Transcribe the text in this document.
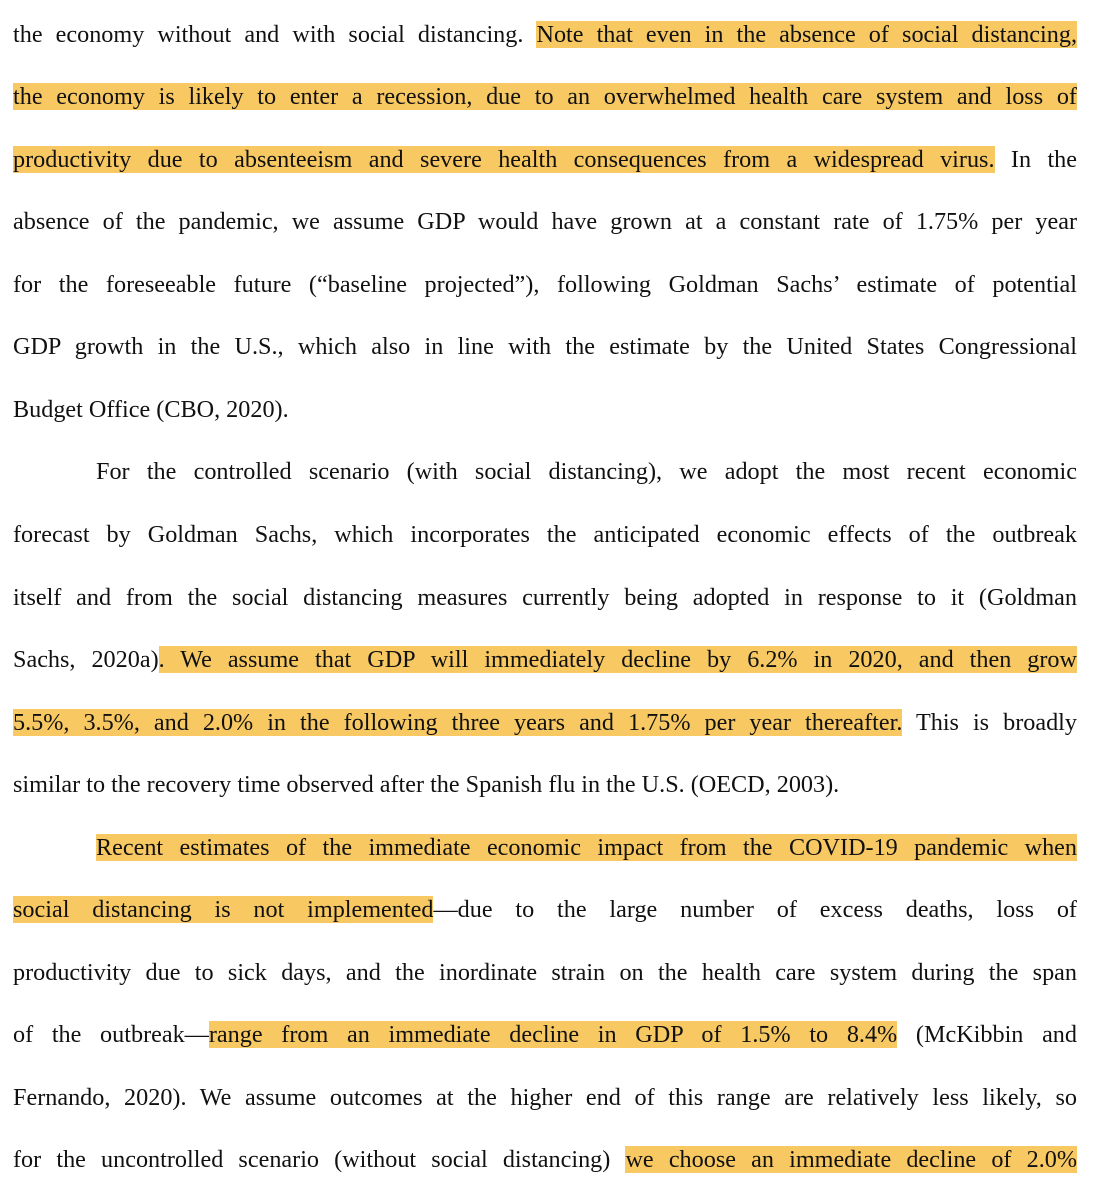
the economy without and with social distancing. Note that even in the absence of social distancing,
the economy is likely to enter a recession, due to an overwhelmed health care system and loss of
productivity due to absenteeism and severe health consequences from a widespread virus. In the
absence of the pandemic, we assume GDP would have grown at a constant rate of 1.75% per year
for the foreseeable future (“baseline projected”), following Goldman Sachs’ estimate of potential
GDP growth in the U.S., which also in line with the estimate by the United States Congressional
Budget Office (CBO, 2020).
For the controlled scenario (with social distancing), we adopt the most recent economic
forecast by Goldman Sachs, which incorporates the anticipated economic effects of the outbreak
itself and from the social distancing measures currently being adopted in response to it (Goldman
Sachs, 2020a). We assume that GDP will immediately decline by 6.2% in 2020, and then grow
5.5%, 3.5%, and 2.0% in the following three years and 1.75% per year thereafter. This is broadly
similar to the recovery time observed after the Spanish flu in the U.S. (OECD, 2003).
Recent estimates of the immediate economic impact from the COVID-19 pandemic when
social distancing is not implemented—due to the large number of excess deaths, loss of
productivity due to sick days, and the inordinate strain on the health care system during the span
of the outbreak—range from an immediate decline in GDP of 1.5% to 8.4% (McKibbin and
Fernando, 2020). We assume outcomes at the higher end of this range are relatively less likely, so
for the uncontrolled scenario (without social distancing) we choose an immediate decline of 2.0%
